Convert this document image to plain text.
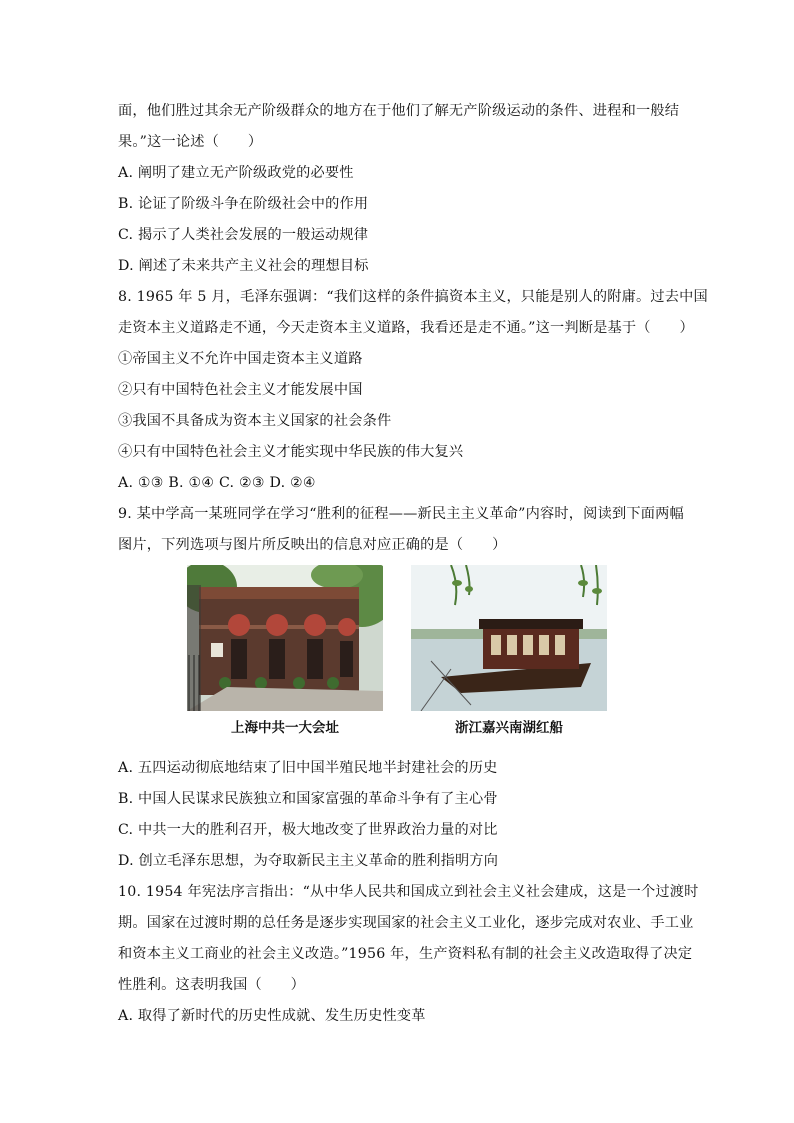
面，他们胜过其余无产阶级群众的地方在于他们了解无产阶级运动的条件、进程和一般结
果。”这一论述（　　）
A. 阐明了建立无产阶级政党的必要性
B. 论证了阶级斗争在阶级社会中的作用
C. 揭示了人类社会发展的一般运动规律
D. 阐述了未来共产主义社会的理想目标
8. 1965 年 5 月，毛泽东强调：“我们这样的条件搞资本主义，只能是别人的附庸。过去中国
走资本主义道路走不通，今天走资本主义道路，我看还是走不通。”这一判断是基于（　　）
①帝国主义不允许中国走资本主义道路
②只有中国特色社会主义才能发展中国
③我国不具备成为资本主义国家的社会条件
④只有中国特色社会主义才能实现中华民族的伟大复兴
A. ①③ B. ①④ C. ②③ D. ②④
9. 某中学高一某班同学在学习“胜利的征程——新民主主义革命”内容时，阅读到下面两幅
图片，下列选项与图片所反映出的信息对应正确的是（　　）
上海中共一大会址	浙江嘉兴南湖红船
A. 五四运动彻底地结束了旧中国半殖民地半封建社会的历史
B. 中国人民谋求民族独立和国家富强的革命斗争有了主心骨
C. 中共一大的胜利召开，极大地改变了世界政治力量的对比
D. 创立毛泽东思想，为夺取新民主主义革命的胜利指明方向
10. 1954 年宪法序言指出：“从中华人民共和国成立到社会主义社会建成，这是一个过渡时
期。国家在过渡时期的总任务是逐步实现国家的社会主义工业化，逐步完成对农业、手工业
和资本主义工商业的社会主义改造。”1956 年，生产资料私有制的社会主义改造取得了决定
性胜利。这表明我国（　　）
A. 取得了新时代的历史性成就、发生历史性变革
